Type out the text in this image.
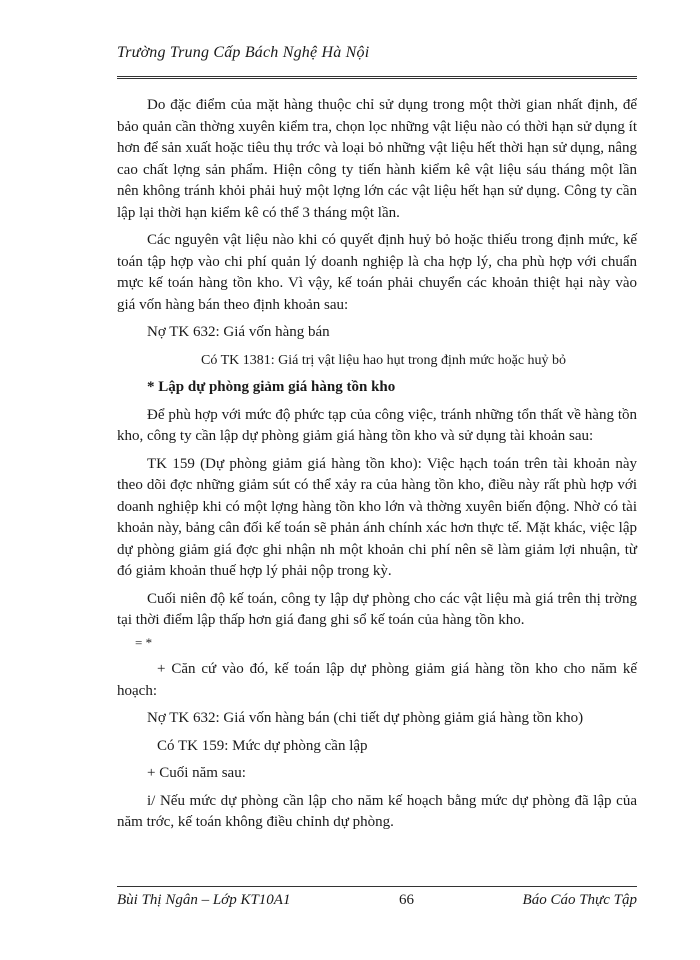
Trường Trung Cấp Bách Nghệ Hà Nội

Do đặc điểm của mặt hàng thuộc chỉ sử dụng trong một thời gian nhất định, để bảo quản cần thờng xuyên kiểm tra, chọn lọc những vật liệu nào có thời hạn sử dụng ít hơn để sản xuất hoặc tiêu thụ trớc và loại bỏ những vật liệu hết thời hạn sử dụng, nâng cao chất lợng sản phẩm. Hiện công ty tiến hành kiểm kê vật liệu sáu tháng một lần nên không tránh khỏi phải huỷ một lợng lớn các vật liệu hết hạn sử dụng. Công ty cần lập lại thời hạn kiểm kê có thể 3 tháng một lần.

Các nguyên vật liệu nào khi có quyết định huỷ bỏ hoặc thiếu trong định mức, kế toán tập hợp vào chi phí quản lý doanh nghiệp là cha hợp lý, cha phù hợp với chuẩn mực kế toán hàng tồn kho. Vì vậy, kế toán phải chuyển các khoản thiệt hại này vào giá vốn hàng bán theo định khoản sau:

Nợ TK 632: Giá vốn hàng bán

Có TK 1381: Giá trị vật liệu hao hụt trong định mức hoặc huỷ bỏ

* Lập dự phòng giảm giá hàng tồn kho

Để phù hợp với mức độ phức tạp của công việc, tránh những tổn thất về hàng tồn kho, công ty cần lập dự phòng giảm giá hàng tồn kho và sử dụng tài khoản sau:

TK 159 (Dự phòng giảm giá hàng tồn kho): Việc hạch toán trên tài khoản này theo dõi đợc những giảm sút có thể xảy ra của hàng tồn kho, điều này rất phù hợp với doanh nghiệp khi có một lợng hàng tồn kho lớn và thờng xuyên biến động. Nhờ có tài khoản này, bảng cân đối kế toán sẽ phản ánh chính xác hơn thực tế. Mặt khác, việc lập dự phòng giảm giá đợc ghi nhận nh một khoản chi phí nên sẽ làm giảm lợi nhuận, từ đó giảm khoản thuế hợp lý phải nộp trong kỳ.

Cuối niên độ kế toán, công ty lập dự phòng cho các vật liệu mà giá trên thị trờng tại thời điểm lập thấp hơn giá đang ghi sổ kế toán của hàng tồn kho.

= *

+ Căn cứ vào đó, kế toán lập dự phòng giảm giá hàng tồn kho cho năm kế hoạch:

Nợ TK 632: Giá vốn hàng bán (chi tiết dự phòng giảm giá hàng tồn kho)

Có TK 159: Mức dự phòng cần lập

+ Cuối năm sau:

i/ Nếu mức dự phòng cần lập cho năm kế hoạch bằng mức dự phòng đã lập của năm trớc, kế toán không điều chỉnh dự phòng.

Bùi Thị Ngân – Lớp KT10A1	66	Báo Cáo Thực Tập
